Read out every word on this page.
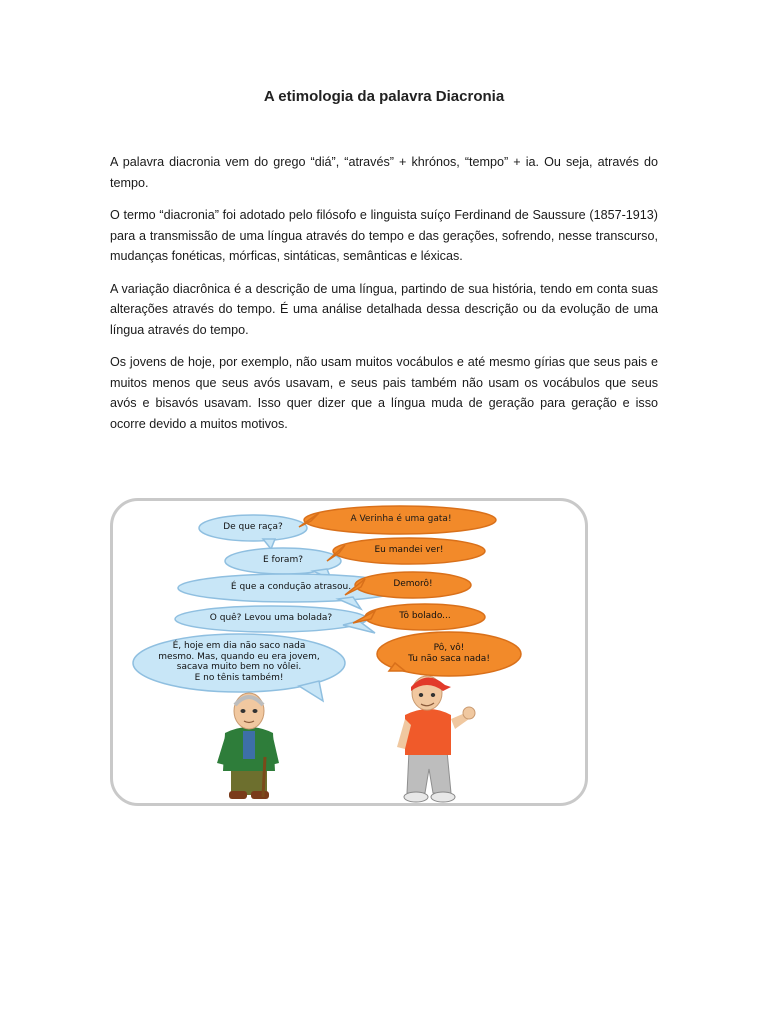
A etimologia da palavra Diacronia

A palavra diacronia vem do grego “diá”, “através” + khrónos, “tempo” + ia. Ou seja, através do tempo.

O termo “diacronia” foi adotado pelo filósofo e linguista suíço Ferdinand de Saussure (1857-1913) para a transmissão de uma língua através do tempo e das gerações, sofrendo, nesse transcurso, mudanças fonéticas, mórficas, sintáticas, semânticas e léxicas.

A variação diacrônica é a descrição de uma língua, partindo de sua história, tendo em conta suas alterações através do tempo. É uma análise detalhada dessa descrição ou da evolução de uma língua através do tempo.

Os jovens de hoje, por exemplo, não usam muitos vocábulos e até mesmo gírias que seus pais e muitos menos que seus avós usavam, e seus pais também não usam os vocábulos que seus avós e bisavós usavam. Isso quer dizer que a língua muda de geração para geração e isso ocorre devido a muitos motivos.

De que raça?
E foram?
É que a condução atrasou.
O quê? Levou uma bolada?
É, hoje em dia não saco nada
mesmo. Mas, quando eu era jovem,
sacava muito bem no vôlei.
E no tênis também!
A Verinha é uma gata!
Eu mandei ver!
Demorô!
Tô bolado...
Pô, vô!
Tu não saca nada!
